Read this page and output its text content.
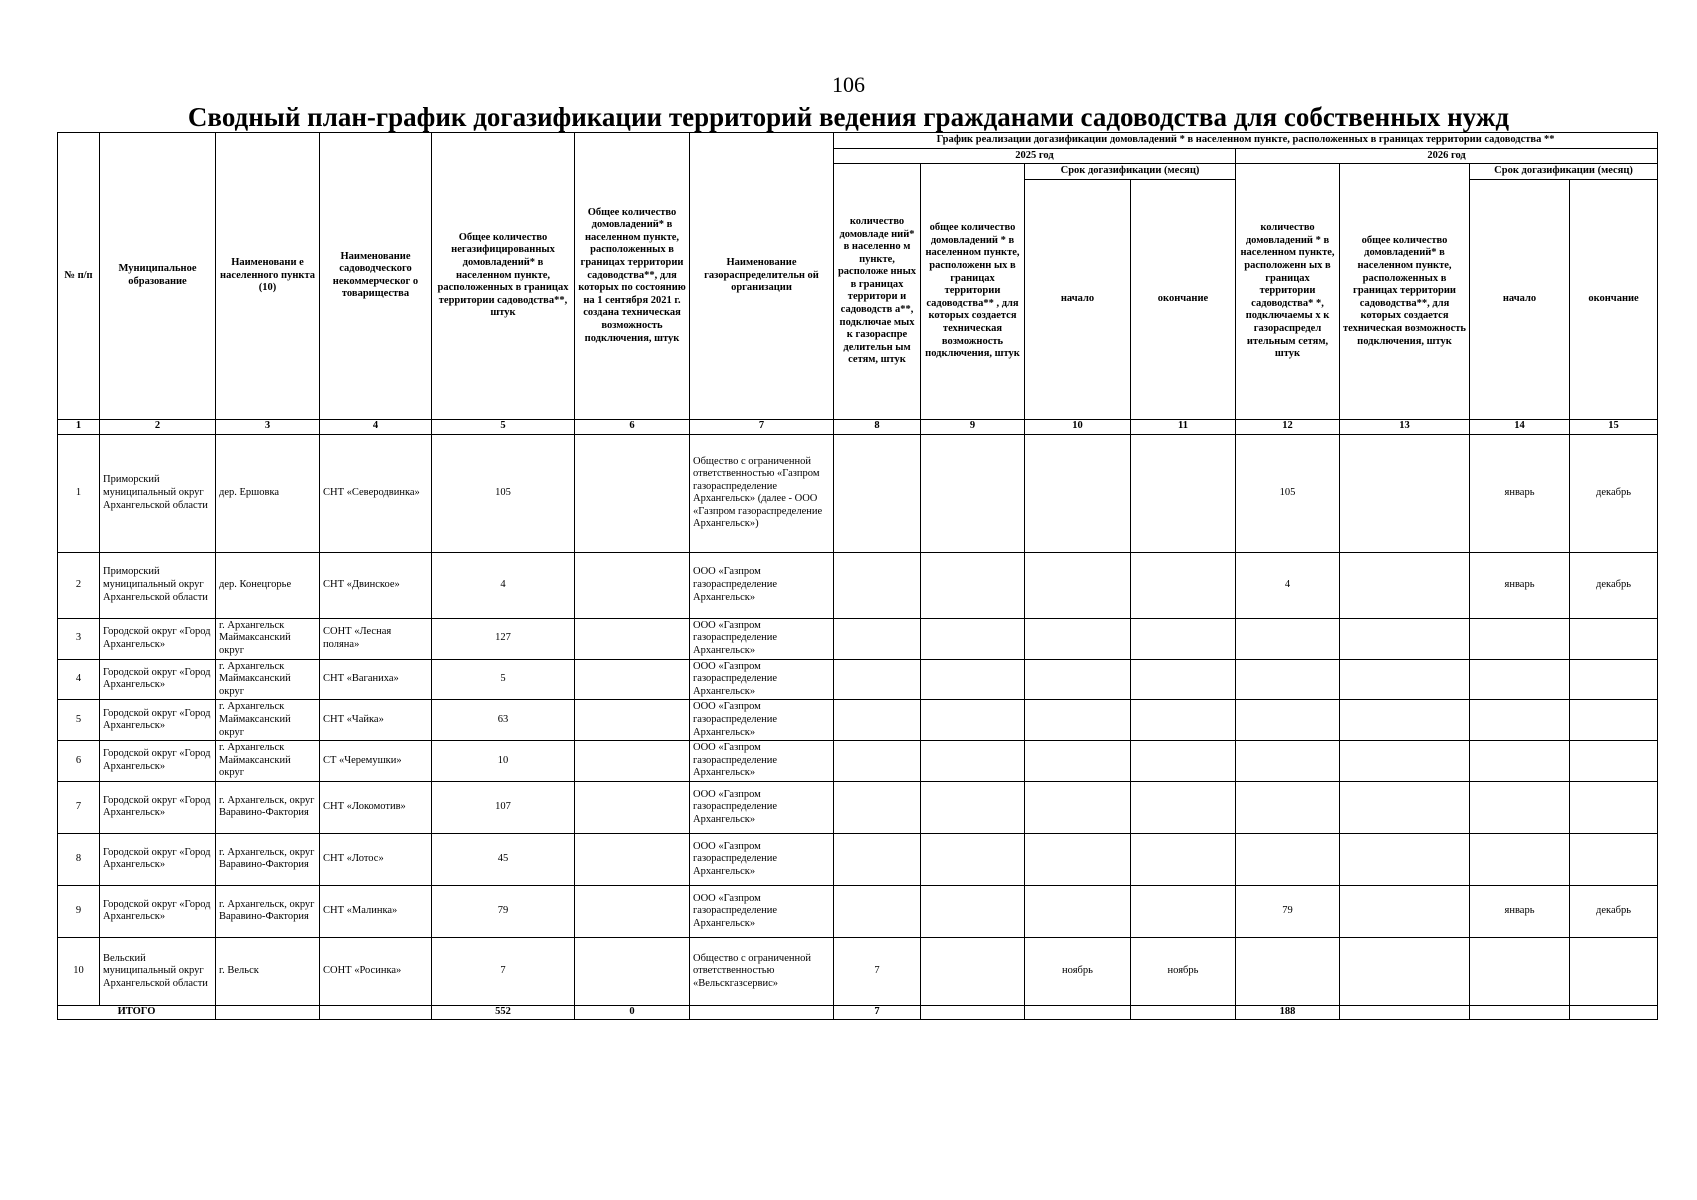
106
Сводный план-график догазификации территорий ведения гражданами садоводства для собственных нужд
№ п/п	Муниципальное образование	Наименовани е населенного пункта (10)	Наименование садоводческого некоммерческог о товарищества	Общее количество негазифицированных домовладений* в населенном пункте, расположенных в границах территории садоводства**, штук	Общее количество домовладений* в населенном пункте, расположенных в границах территории садоводства**, для которых по состоянию на 1 сентября 2021 г. создана техническая возможность подключения, штук	Наименование газораспределительн ой организации	График реализации догазификации домовладений * в населенном пункте, расположенных в границах территории садоводства **							
							2025 год				2026 год			
							количество домовладе ний* в населенно м пункте, расположе нных в границах территори и садоводств а**, подключае мых к газораспре делительн ым сетям, штук	общее количество домовладений * в населенном пункте, расположенн ых в границах территории садоводства** , для которых создается техническая возможность подключения, штук	Срок догазификации (месяц)		количество домовладений * в населенном пункте, расположенн ых в границах территории садоводства* *, подключаемы х к газораспредел ительным сетям, штук	общее количество домовладений* в населенном пункте, расположенных в границах территории садоводства**, для которых создается техническая возможность подключения, штук	Срок догазификации (месяц)	
									начало	окончание			начало	окончание
1	2	3	4	5	6	7	8	9	10	11	12	13	14	15
1	Приморский муниципальный округ Архангельской области	дер. Ершовка	СНТ «Северодвинка»	105		Общество с ограниченной ответственностью «Газпром газораспределение Архангельск» (далее - ООО «Газпром газораспределение Архангельск»)					105		январь	декабрь
2	Приморский муниципальный округ Архангельской области	дер. Конецгорье	СНТ «Двинское»	4		ООО «Газпром газораспределение Архангельск»					4		январь	декабрь
3	Городской округ «Город Архангельск»	г. Архангельск Маймаксанский округ	СОНТ «Лесная поляна»	127		ООО «Газпром газораспределение Архангельск»								
4	Городской округ «Город Архангельск»	г. Архангельск Маймаксанский округ	СНТ «Ваганиха»	5		ООО «Газпром газораспределение Архангельск»								
5	Городской округ «Город Архангельск»	г. Архангельск Маймаксанский округ	СНТ «Чайка»	63		ООО «Газпром газораспределение Архангельск»								
6	Городской округ «Город Архангельск»	г. Архангельск Маймаксанский округ	СТ «Черемушки»	10		ООО «Газпром газораспределение Архангельск»								
7	Городской округ «Город Архангельск»	г. Архангельск, округ Варавино-Фактория	СНТ «Локомотив»	107		ООО «Газпром газораспределение Архангельск»								
8	Городской округ «Город Архангельск»	г. Архангельск, округ Варавино-Фактория	СНТ «Лотос»	45		ООО «Газпром газораспределение Архангельск»								
9	Городской округ «Город Архангельск»	г. Архангельск, округ Варавино-Фактория	СНТ «Малинка»	79		ООО «Газпром газораспределение Архангельск»					79		январь	декабрь
10	Вельский муниципальный округ Архангельской области	г. Вельск	СОНТ «Росинка»	7		Общество с ограниченной ответственностью «Вельскгазсервис»	7		ноябрь	ноябрь				
ИТОГО				552	0		7				188			
